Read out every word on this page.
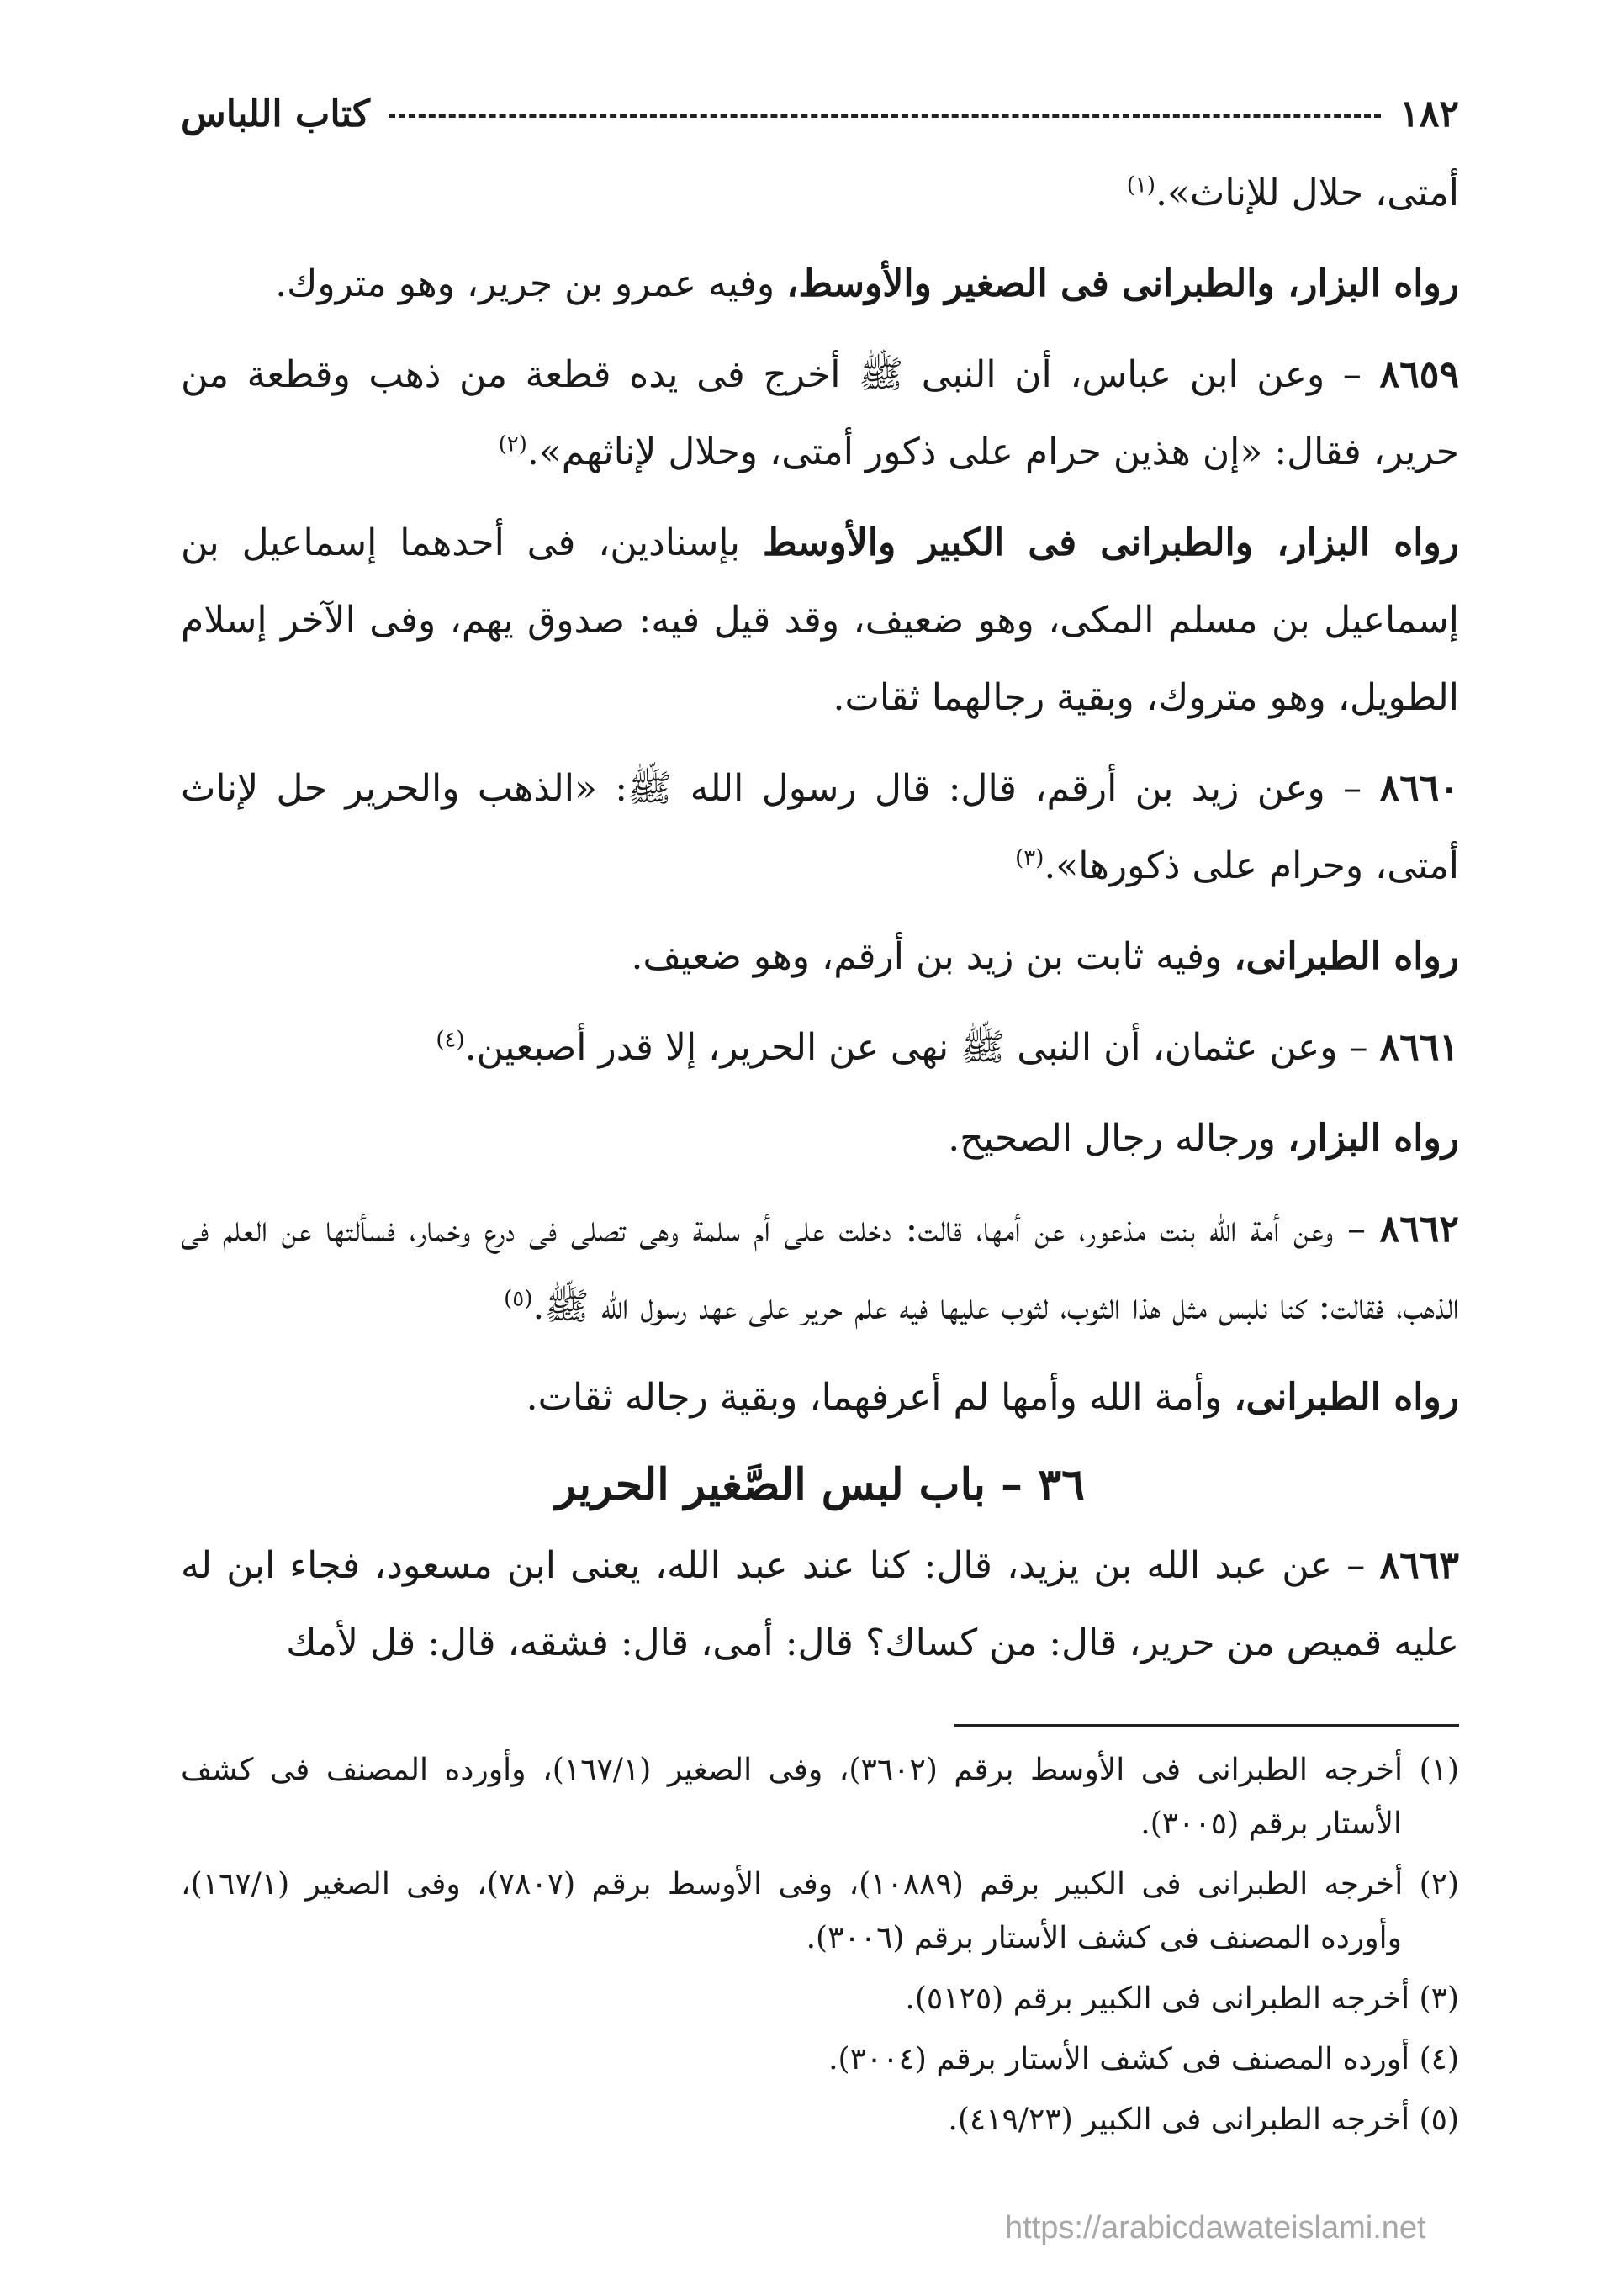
١٨٢
كتاب اللباس

أمتى، حلال للإناث».$^{(١)}$

رواه البزار، والطبرانى فى الصغير والأوسط، وفيه عمرو بن جرير، وهو متروك.

٨٦٥٩ – وعن ابن عباس، أن النبى ﷺ أخرج فى يده قطعة من ذهب وقطعة من حرير، فقال: «إن هذين حرام على ذكور أمتى، وحلال لإناثهم».$^{(٢)}$

رواه البزار، والطبرانى فى الكبير والأوسط بإسنادين، فى أحدهما إسماعيل بن إسماعيل بن مسلم المكى، وهو ضعيف، وقد قيل فيه: صدوق يهم، وفى الآخر إسلام الطويل، وهو متروك، وبقية رجالهما ثقات.

٨٦٦٠ – وعن زيد بن أرقم، قال: قال رسول الله ﷺ: «الذهب والحرير حل لإناث أمتى، وحرام على ذكورها».$^{(٣)}$

رواه الطبرانى، وفيه ثابت بن زيد بن أرقم، وهو ضعيف.

٨٦٦١ – وعن عثمان، أن النبى ﷺ نهى عن الحرير، إلا قدر أصبعين.$^{(٤)}$

رواه البزار، ورجاله رجال الصحيح.

٨٦٦٢ – وعن أمة الله بنت مذعور، عن أمها، قالت: دخلت على أم سلمة وهى تصلى فى درع وخمار، فسألتها عن العلم فى الذهب، فقالت: كنا نلبس مثل هذا الثوب، لثوب عليها فيه علم حرير على عهد رسول الله ﷺ.$^{(٥)}$

رواه الطبرانى، وأمة الله وأمها لم أعرفهما، وبقية رجاله ثقات.

٣٦ – باب لبس الصَّغير الحرير

٨٦٦٣ – عن عبد الله بن يزيد، قال: كنا عند عبد الله، يعنى ابن مسعود، فجاء ابن له عليه قميص من حرير، قال: من كساك؟ قال: أمى، قال: فشقه، قال: قل لأمك

(١) أخرجه الطبرانى فى الأوسط برقم (٣٦٠٢)، وفى الصغير (١٦٧/١)، وأورده المصنف فى كشف الأستار برقم (٣٠٠٥).

(٢) أخرجه الطبرانى فى الكبير برقم (١٠٨٨٩)، وفى الأوسط برقم (٧٨٠٧)، وفى الصغير (١٦٧/١)، وأورده المصنف فى كشف الأستار برقم (٣٠٠٦).

(٣) أخرجه الطبرانى فى الكبير برقم (٥١٢٥).

(٤) أورده المصنف فى كشف الأستار برقم (٣٠٠٤).

(٥) أخرجه الطبرانى فى الكبير (٤١٩/٢٣).

https://arabicdawateislami.net
